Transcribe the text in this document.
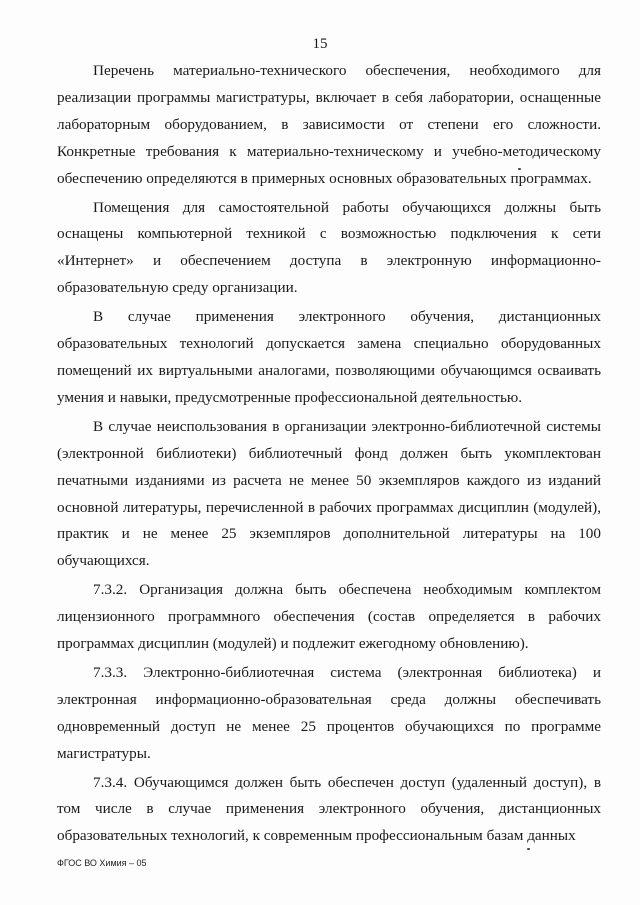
15

Перечень материально-технического обеспечения, необходимого для реализации программы магистратуры, включает в себя лаборатории, оснащенные лабораторным оборудованием, в зависимости от степени его сложности. Конкретные требования к материально-техническому и учебно-методическому обеспечению определяются в примерных основных образовательных программах.

Помещения для самостоятельной работы обучающихся должны быть оснащены компьютерной техникой с возможностью подключения к сети «Интернет» и обеспечением доступа в электронную информационно-образовательную среду организации.

В случае применения электронного обучения, дистанционных образовательных технологий допускается замена специально оборудованных помещений их виртуальными аналогами, позволяющими обучающимся осваивать умения и навыки, предусмотренные профессиональной деятельностью.

В случае неиспользования в организации электронно-библиотечной системы (электронной библиотеки) библиотечный фонд должен быть укомплектован печатными изданиями из расчета не менее 50 экземпляров каждого из изданий основной литературы, перечисленной в рабочих программах дисциплин (модулей), практик и не менее 25 экземпляров дополнительной литературы на 100 обучающихся.

7.3.2. Организация должна быть обеспечена необходимым комплектом лицензионного программного обеспечения (состав определяется в рабочих программах дисциплин (модулей) и подлежит ежегодному обновлению).

7.3.3. Электронно-библиотечная система (электронная библиотека) и электронная информационно-образовательная среда должны обеспечивать одновременный доступ не менее 25 процентов обучающихся по программе магистратуры.

7.3.4. Обучающимся должен быть обеспечен доступ (удаленный доступ), в том числе в случае применения электронного обучения, дистанционных образовательных технологий, к современным профессиональным базам данных

ФГОС ВО Химия – 05
